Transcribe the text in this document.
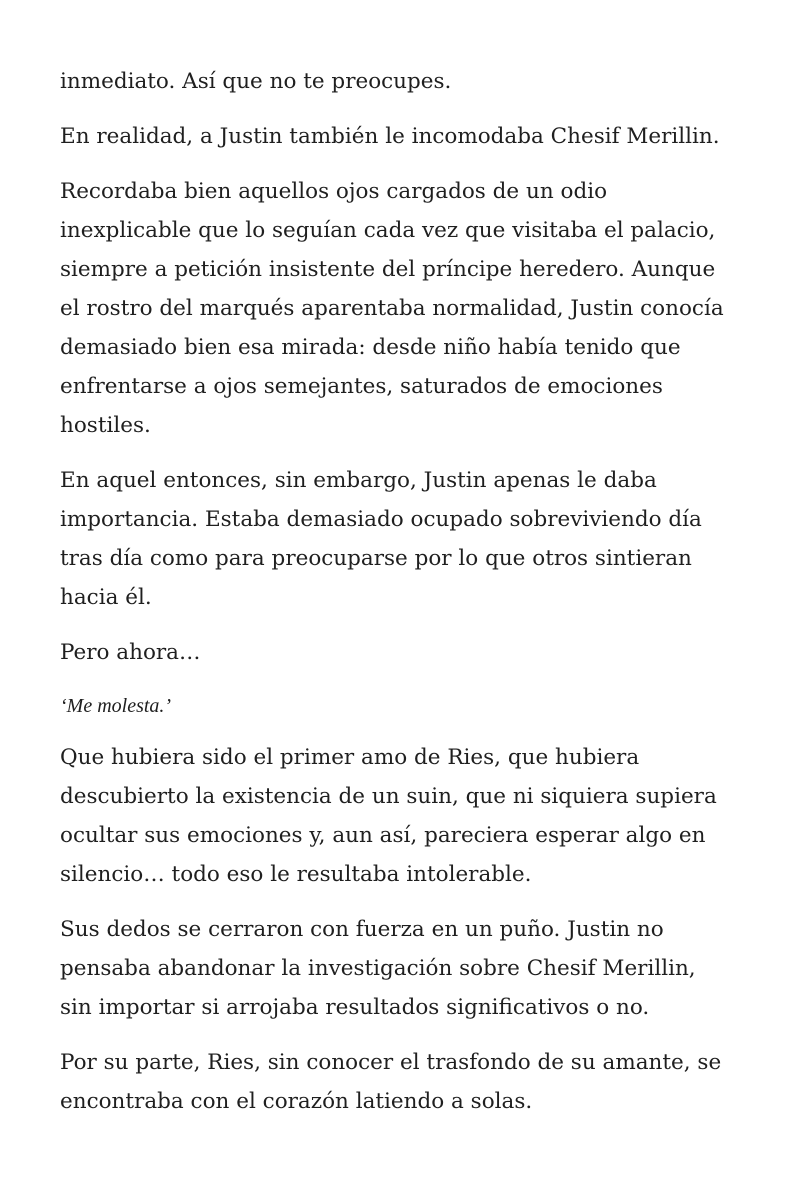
inmediato. Así que no te preocupes.

En realidad, a Justin también le incomodaba Chesif Merillin.

Recordaba bien aquellos ojos cargados de un odio
inexplicable que lo seguían cada vez que visitaba el palacio,
siempre a petición insistente del príncipe heredero. Aunque
el rostro del marqués aparentaba normalidad, Justin conocía
demasiado bien esa mirada: desde niño había tenido que
enfrentarse a ojos semejantes, saturados de emociones
hostiles.

En aquel entonces, sin embargo, Justin apenas le daba
importancia. Estaba demasiado ocupado sobreviviendo día
tras día como para preocuparse por lo que otros sintieran
hacia él.

Pero ahora…

‘Me molesta.’

Que hubiera sido el primer amo de Ries, que hubiera
descubierto la existencia de un suin, que ni siquiera supiera
ocultar sus emociones y, aun así, pareciera esperar algo en
silencio… todo eso le resultaba intolerable.

Sus dedos se cerraron con fuerza en un puño. Justin no
pensaba abandonar la investigación sobre Chesif Merillin,
sin importar si arrojaba resultados significativos o no.

Por su parte, Ries, sin conocer el trasfondo de su amante, se
encontraba con el corazón latiendo a solas.
